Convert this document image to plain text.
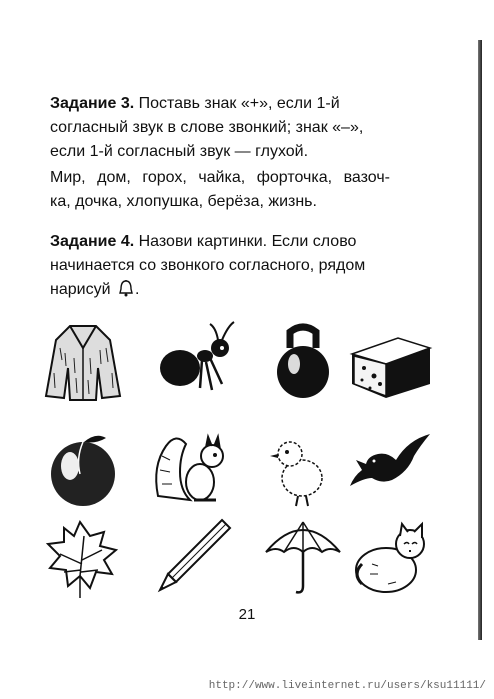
Задание 3. Поставь знак «+», если 1-й
согласный звук в слове звонкий; знак «–»,
если 1-й согласный звук — глухой.
Мир, дом, горох, чайка, форточка, вазоч-
ка, дочка, хлопушка, берёза, жизнь.
Задание 4. Назови картинки. Если слово
начинается со звонкого согласного, рядом
нарисуй .
21
http://www.liveinternet.ru/users/ksu11111/
